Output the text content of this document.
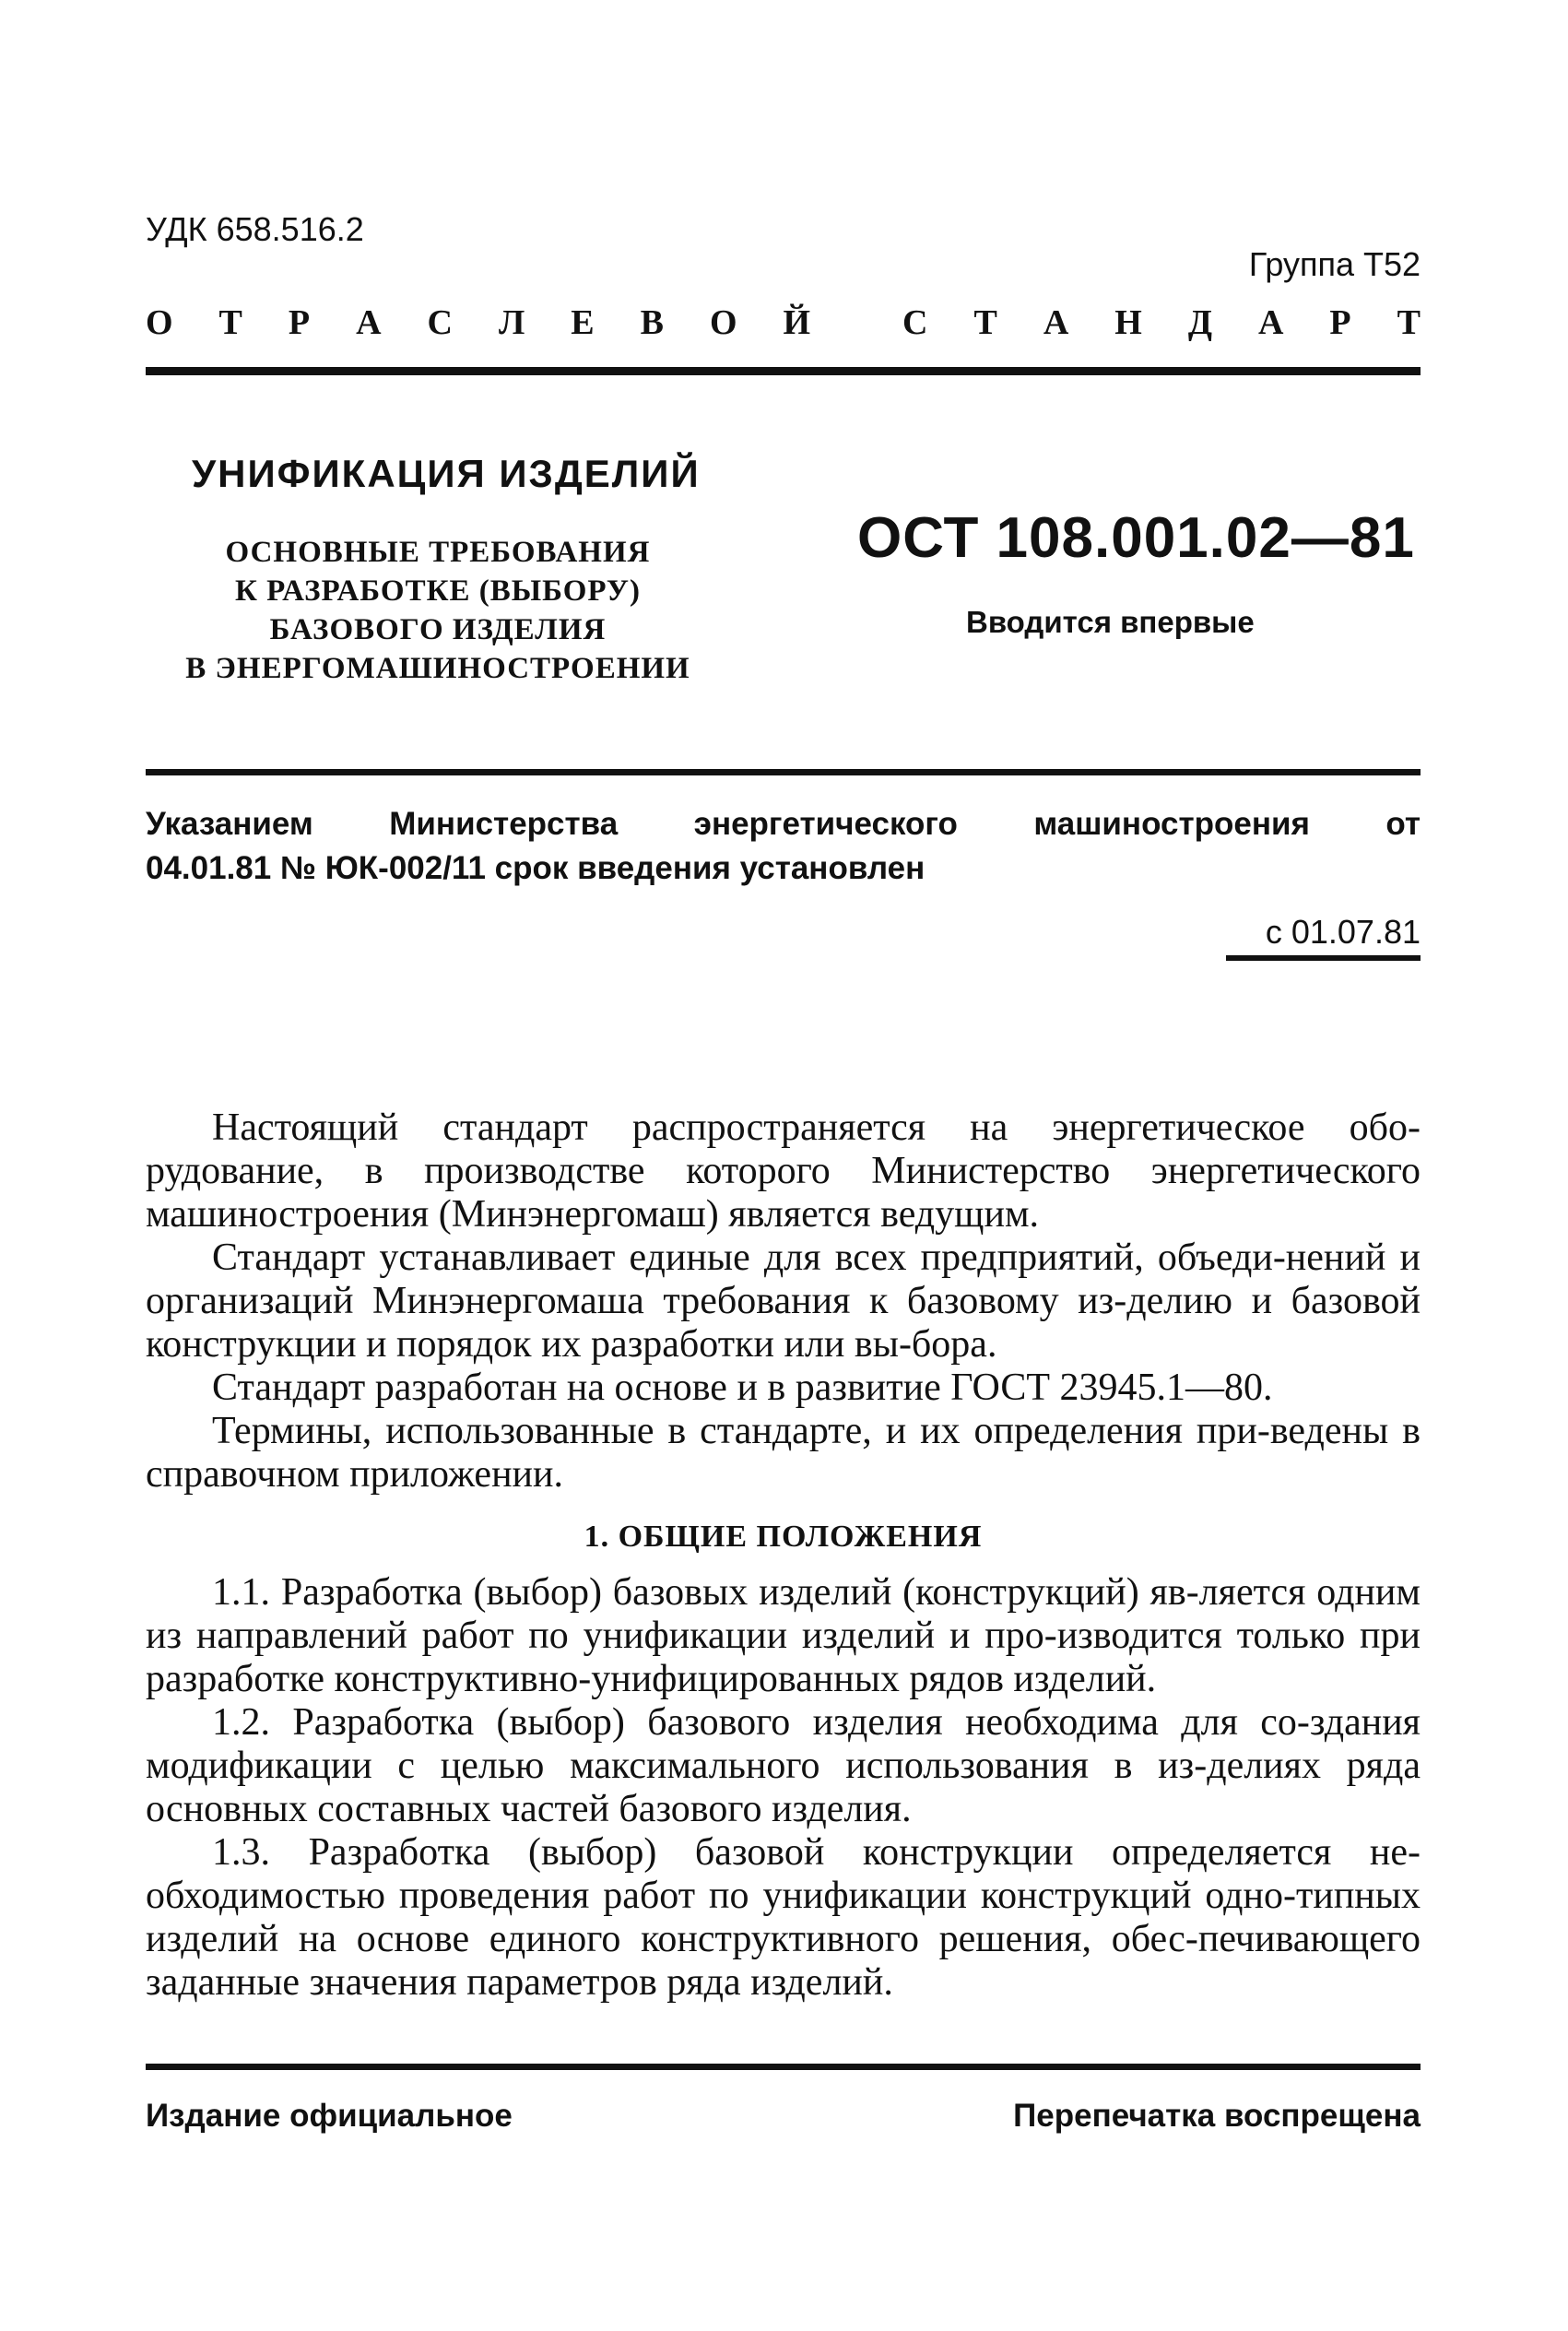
УДК 658.516.2
Группа Т52
О Т Р А С Л Е В О Й	С Т А Н Д А Р Т
УНИФИКАЦИЯ ИЗДЕЛИЙ
ОСНОВНЫЕ ТРЕБОВАНИЯ
К РАЗРАБОТКЕ (ВЫБОРУ)
БАЗОВОГО ИЗДЕЛИЯ
В ЭНЕРГОМАШИНОСТРОЕНИИ
ОСТ 108.001.02—81
Вводится впервые
Указанием Министерства энергетического машиностроения от
04.01.81 № ЮК-002/11 срок введения установлен
с 01.07.81

Настоящий стандарт распространяется на энергетическое обо-рудование, в производстве которого Министерство энергетического машиностроения (Минэнергомаш) является ведущим.

Стандарт устанавливает единые для всех предприятий, объеди-нений и организаций Минэнергомаша требования к базовому из-делию и базовой конструкции и порядок их разработки или вы-бора.

Стандарт разработан на основе и в развитие ГОСТ 23945.1—80.

Термины, использованные в стандарте, и их определения при-ведены в справочном приложении.

1. ОБЩИЕ ПОЛОЖЕНИЯ

1.1. Разработка (выбор) базовых изделий (конструкций) яв-ляется одним из направлений работ по унификации изделий и про-изводится только при разработке конструктивно-унифицированных рядов изделий.

1.2. Разработка (выбор) базового изделия необходима для со-здания модификации с целью максимального использования в из-делиях ряда основных составных частей базового изделия.

1.3. Разработка (выбор) базовой конструкции определяется не-обходимостью проведения работ по унификации конструкций одно-типных изделий на основе единого конструктивного решения, обес-печивающего заданные значения параметров ряда изделий.

Издание официальное	Перепечатка воспрещена
